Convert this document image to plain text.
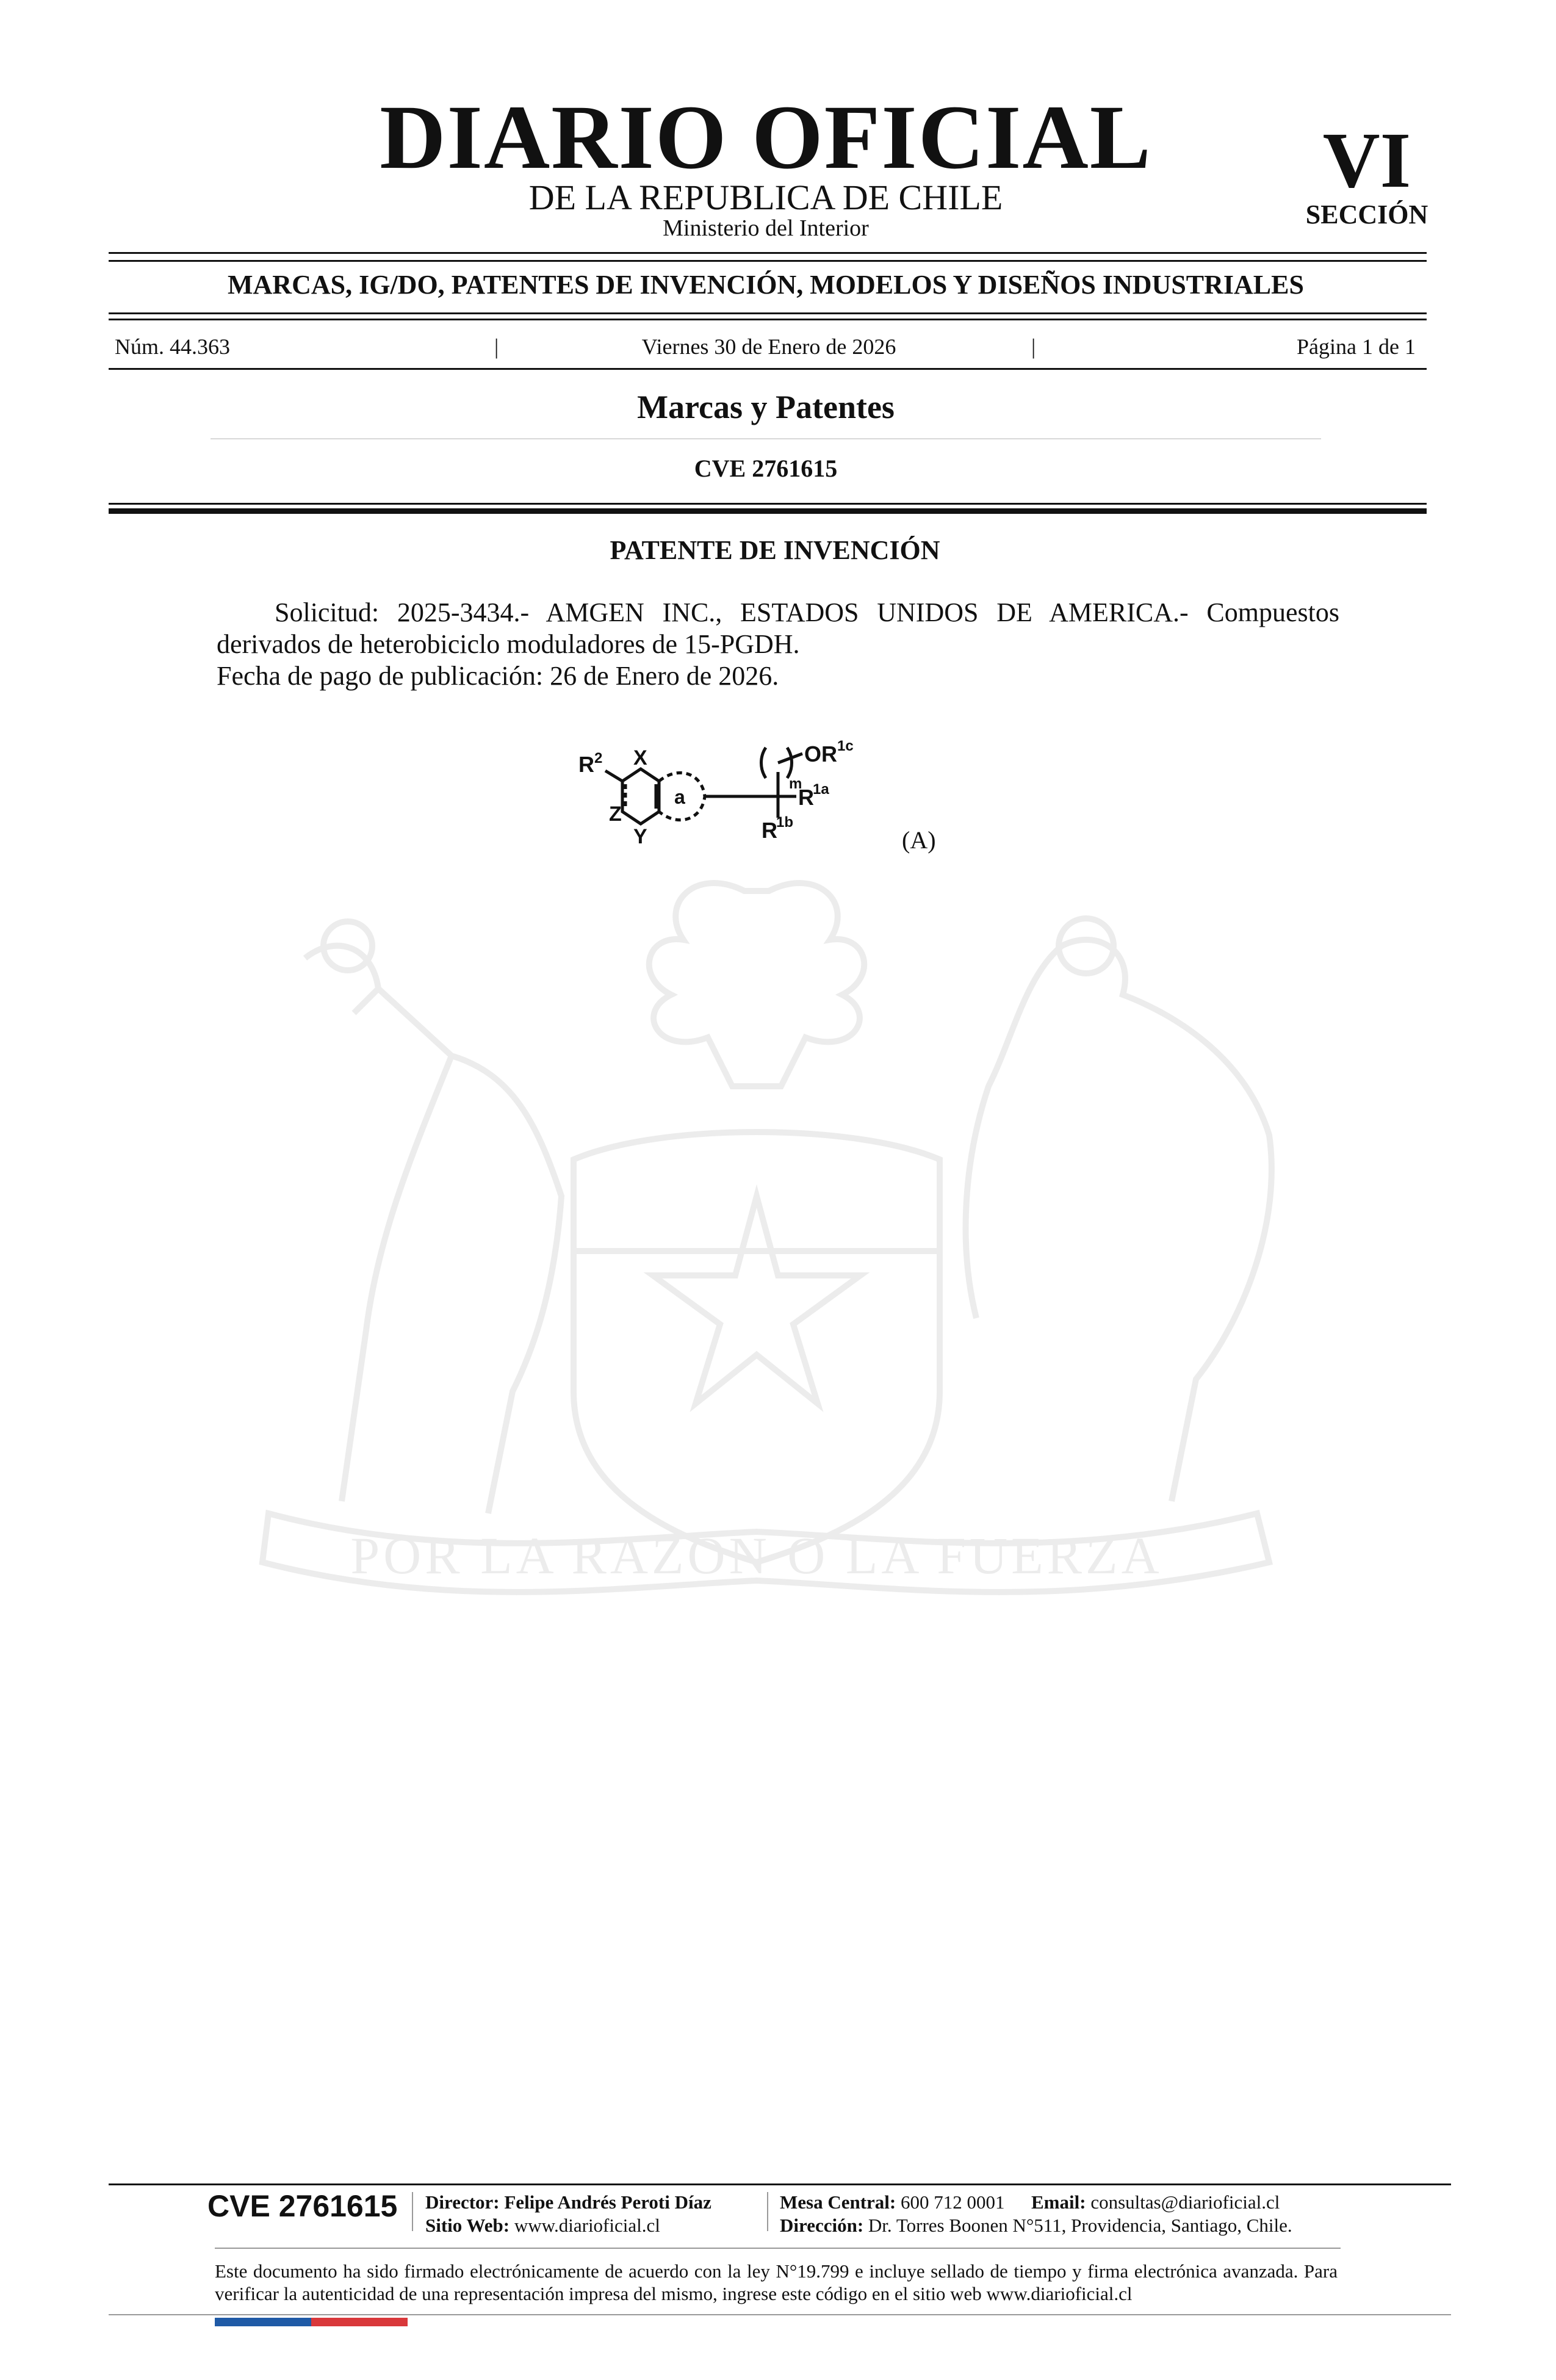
POR LA RAZON O LA FUERZA
DIARIO OFICIAL
DE LA REPUBLICA DE CHILE
Ministerio del Interior
VI
SECCIÓN
MARCAS, IG/DO, PATENTES DE INVENCIÓN, MODELOS Y DISEÑOS INDUSTRIALES
Núm. 44.363	|	Viernes 30 de Enero de 2026	|	Página 1 de 1
Marcas y Patentes
CVE 2761615
PATENTE DE INVENCIÓN
Solicitud: 2025-3434.- AMGEN INC., ESTADOS UNIDOS DE AMERICA.- Compuestos derivados de heterobiciclo moduladores de 15-PGDH.
Fecha de pago de publicación: 26 de Enero de 2026.
R 2 X
Z
Y
a
m
OR 1c
R
1a
R
1b
(A)
CVE 2761615	Director: Felipe Andrés Peroti Díaz
Sitio Web: www.diarioficial.cl
Mesa Central: 600 712 0001 Email: consultas@diarioficial.cl
Dirección: Dr. Torres Boonen N°511, Providencia, Santiago, Chile.
Este documento ha sido firmado electrónicamente de acuerdo con la ley N°19.799 e incluye sellado de tiempo y firma electrónica avanzada. Para verificar la autenticidad de una representación impresa del mismo, ingrese este código en el sitio web www.diarioficial.cl
